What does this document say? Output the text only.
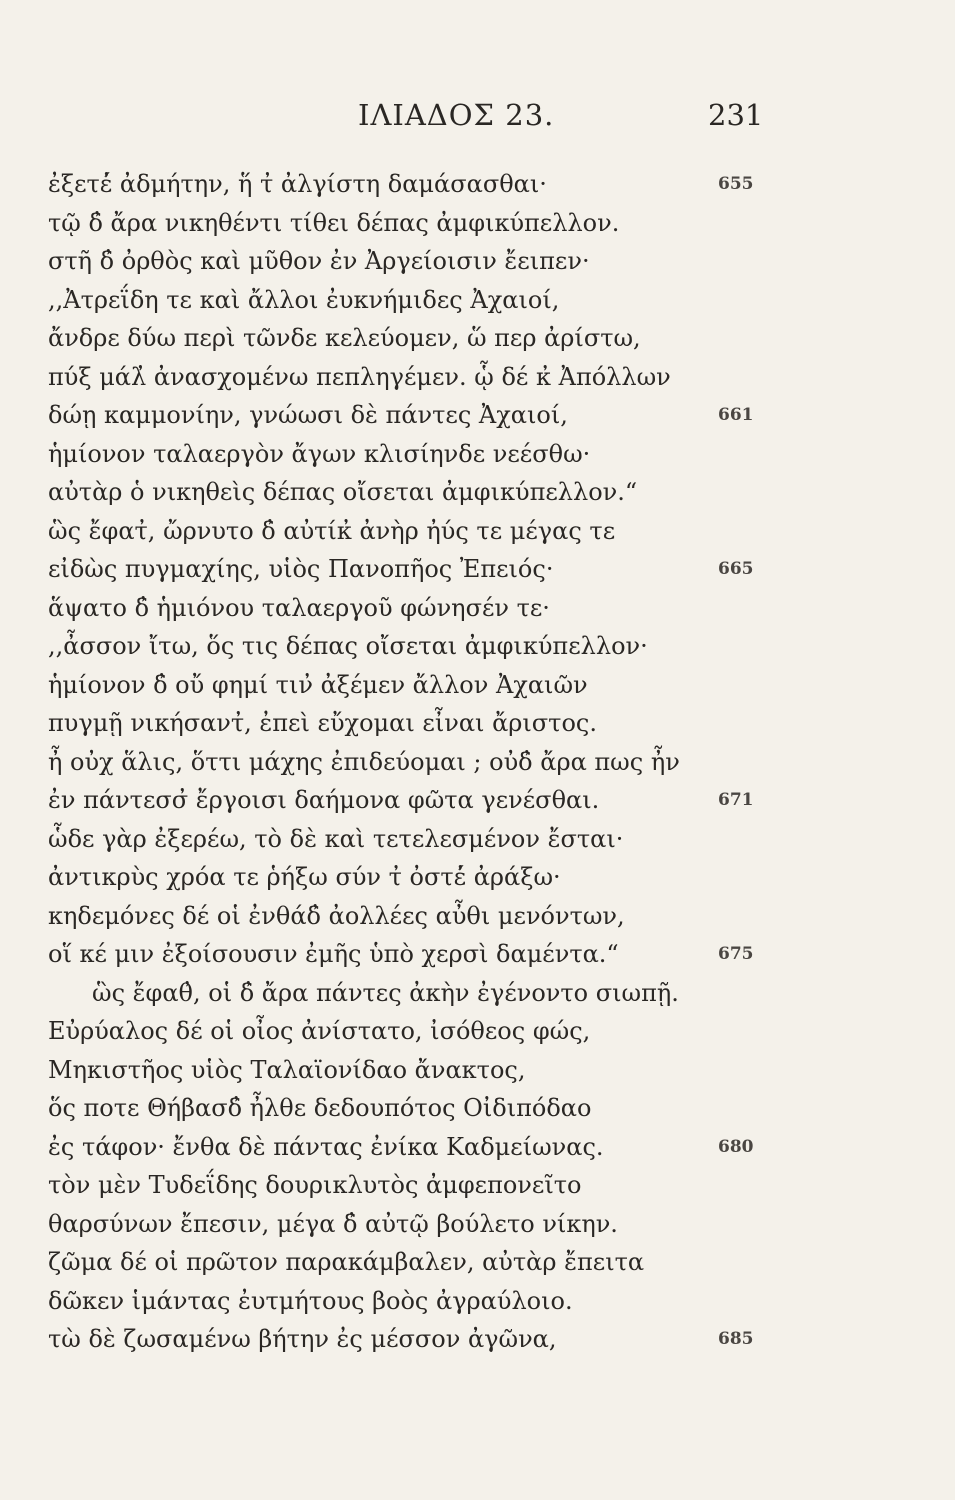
ΙΛΙΑΔΟΣ 23.	231
ἐξετέ̓ ἀδμήτην, ἥ τ̓ ἀλγίστη δαμάσασθαι·	655
τῷ δ̓ ἄρα νικηθέντι τίθει δέπας ἀμφικύπελλον.
στῆ δ̓ ὀρθὸς καὶ μῦθον ἐν Ἀργείοισιν ἔειπεν·
,,Ἀτρεΐδη τε καὶ ἄλλοι ἐυκνήμιδες Ἀχαιοί,
ἄνδρε δύω περὶ τῶνδε κελεύομεν, ὥ περ ἀρίστω,
πύξ μάλ̓ ἀνασχομένω πεπληγέμεν. ᾧ δέ κ̓ Ἀπόλλων
δώῃ καμμονίην, γνώωσι δὲ πάντες Ἀχαιοί,	661
ἡμίονον ταλαεργὸν ἄγων κλισίηνδε νεέσθω·
αὐτὰρ ὁ νικηθεὶς δέπας οἴσεται ἀμφικύπελλον.“
ὣς ἔφατ̓, ὤρνυτο δ̓ αὐτίκ̓ ἀνὴρ ἠύς τε μέγας τε
εἰδὼς πυγμαχίης, υἱὸς Πανοπῆος Ἐπειός·	665
ἅψατο δ̓ ἡμιόνου ταλαεργοῦ φώνησέν τε·
,,ἆσσον ἴτω, ὅς τις δέπας οἴσεται ἀμφικύπελλον·
ἡμίονον δ̓ οὔ φημί τιν̓ ἀξέμεν ἄλλον Ἀχαιῶν
πυγμῇ νικήσαντ̓, ἐπεὶ εὔχομαι εἶναι ἄριστος.
ἦ οὐχ ἅλις, ὅττι μάχης ἐπιδεύομαι ; οὐδ̓ ἄρα πως ἦν
ἐν πάντεσσ̓ ἔργοισι δαήμονα φῶτα γενέσθαι.	671
ὧδε γὰρ ἐξερέω, τὸ δὲ καὶ τετελεσμένον ἔσται·
ἀντικρὺς χρόα τε ῥήξω σύν τ̓ ὀστέ̓ ἀράξω·
κηδεμόνες δέ οἱ ἐνθάδ̓ ἀολλέες αὖθι μενόντων,
οἵ κέ μιν ἐξοίσουσιν ἐμῆς ὑπὸ χερσὶ δαμέντα.“	675
ὣς ἔφαθ̓, οἱ δ̓ ἄρα πάντες ἀκὴν ἐγένοντο σιωπῇ.
Εὐρύαλος δέ οἱ οἶος ἀνίστατο, ἰσόθεος φώς,
Μηκιστῆος υἱὸς Ταλαϊονίδαο ἄνακτος,
ὅς ποτε Θήβασδ̓ ἦλθε δεδουπότος Οἰδιπόδαο
ἐς τάφον· ἔνθα δὲ πάντας ἐνίκα Καδμείωνας.	680
τὸν μὲν Τυδεΐδης δουρικλυτὸς ἀμφεπονεῖτο
θαρσύνων ἔπεσιν, μέγα δ̓ αὐτῷ βούλετο νίκην.
ζῶμα δέ οἱ πρῶτον παρακάμβαλεν, αὐτὰρ ἔπειτα
δῶκεν ἱμάντας ἐυτμήτους βοὸς ἀγραύλοιο.
τὼ δὲ ζωσαμένω βήτην ἐς μέσσον ἀγῶνα,	685
